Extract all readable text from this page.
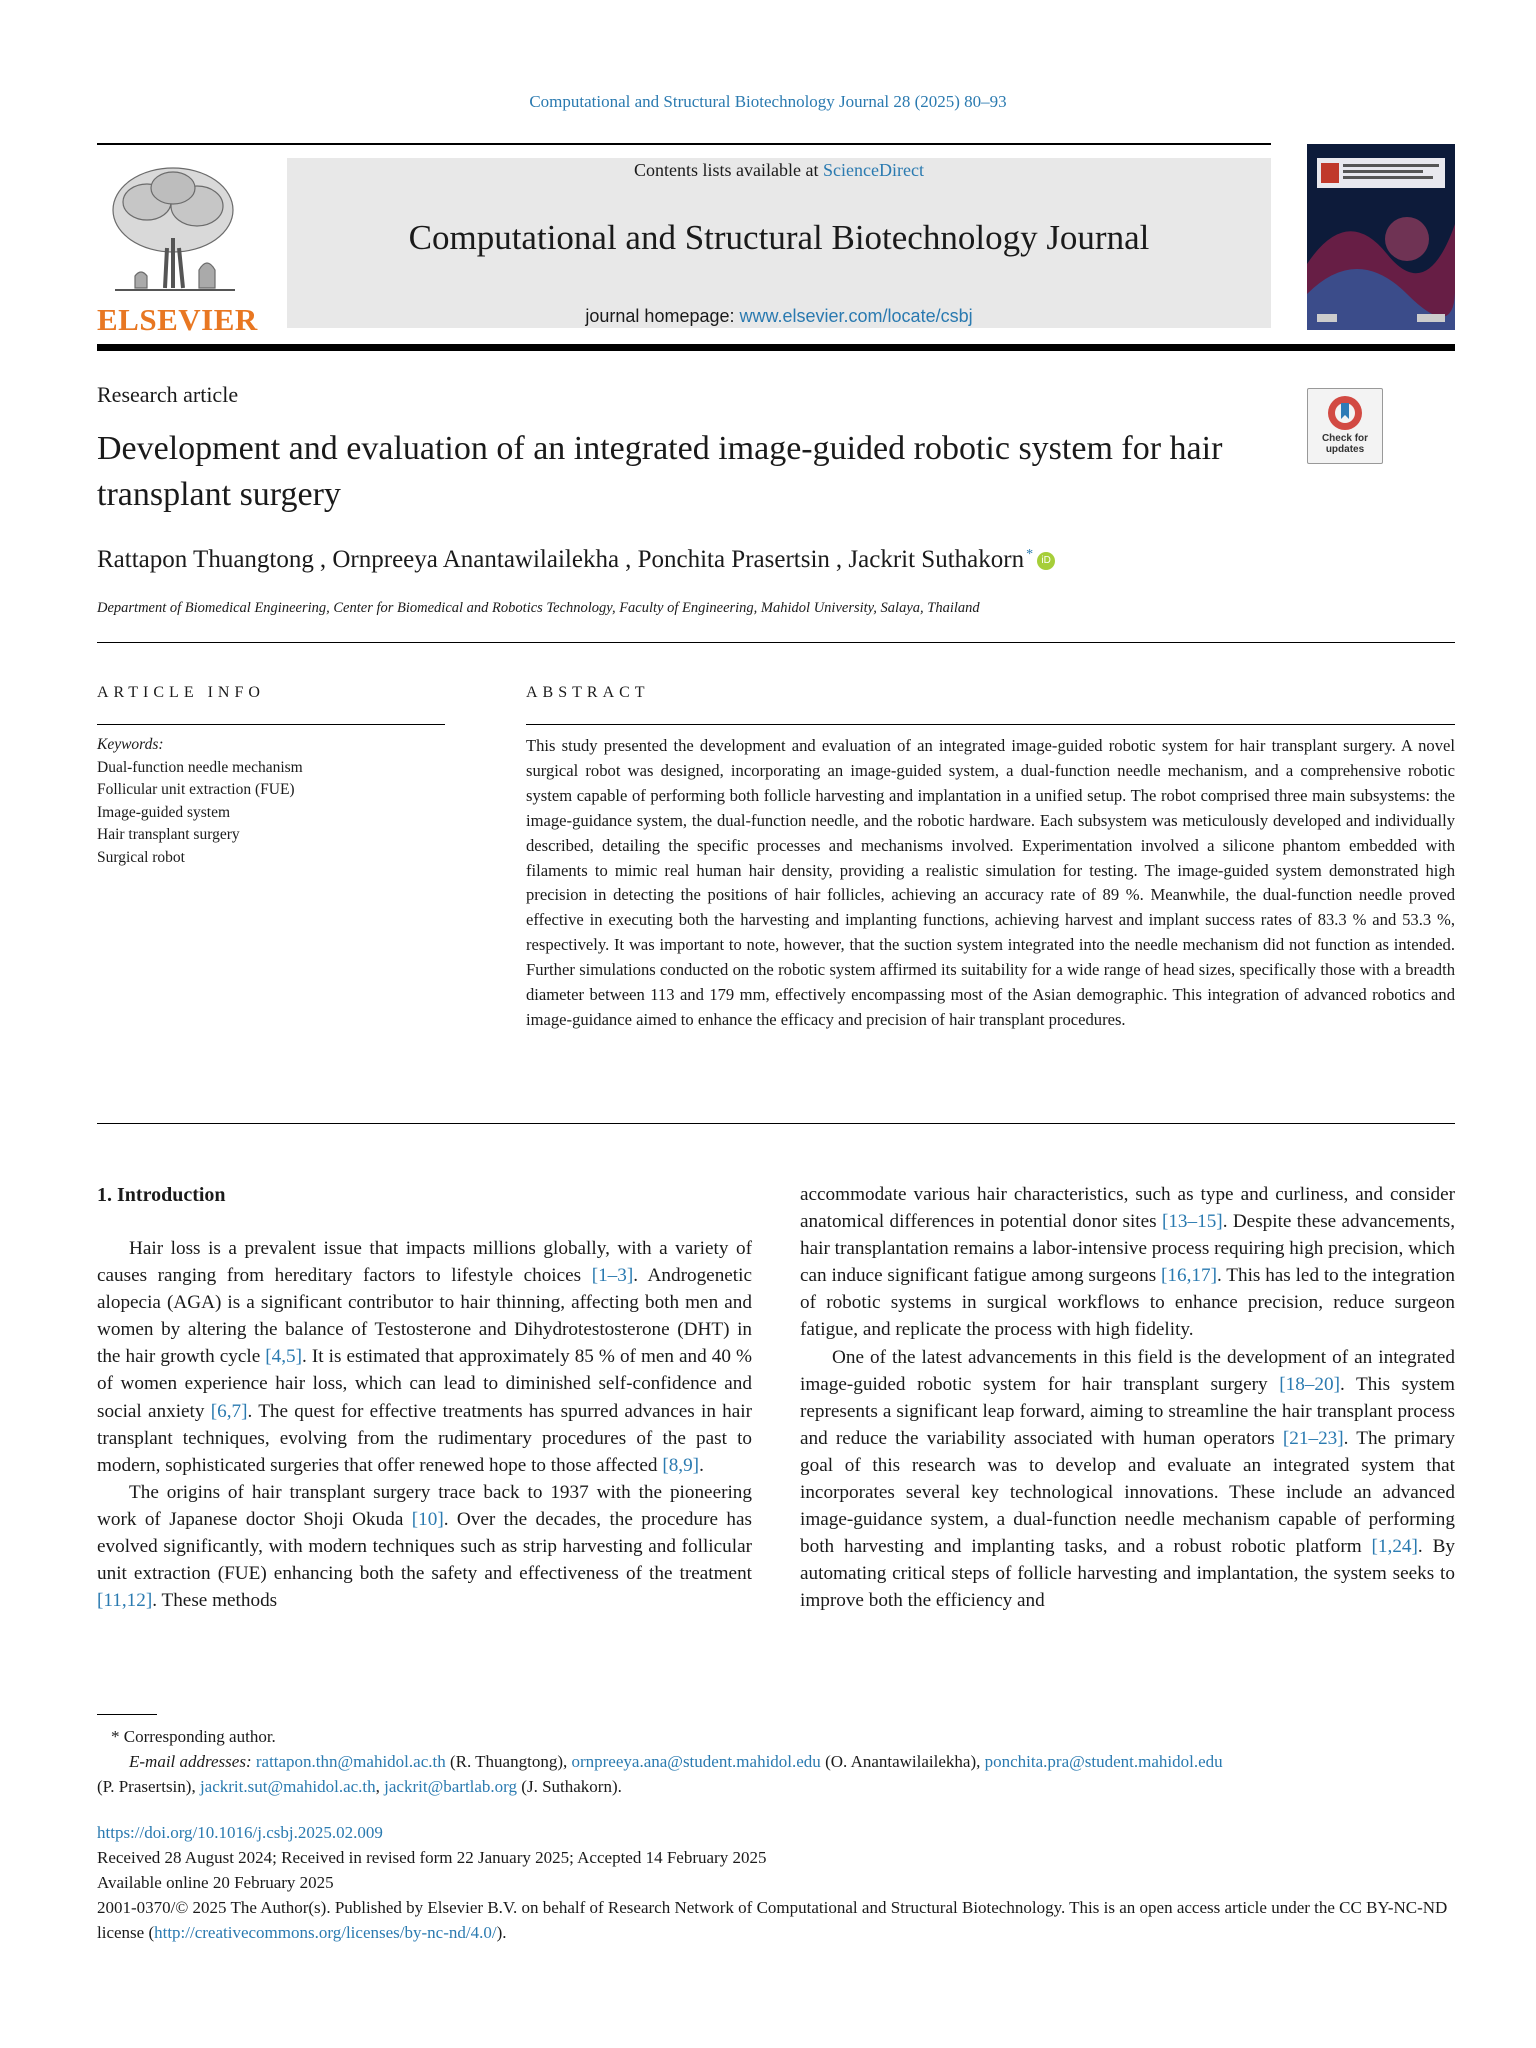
Computational and Structural Biotechnology Journal 28 (2025) 80–93
ELSEVIER
Contents lists available at ScienceDirect
Computational and Structural Biotechnology Journal
journal homepage: www.elsevier.com/locate/csbj
Research article
Check for updates
Development and evaluation of an integrated image-guided robotic system for hair transplant surgery
Rattapon Thuangtong , Ornpreeya Anantawilailekha , Ponchita Prasertsin , Jackrit Suthakorn * iD
Department of Biomedical Engineering, Center for Biomedical and Robotics Technology, Faculty of Engineering, Mahidol University, Salaya, Thailand
ARTICLE INFO
Keywords:
Dual-function needle mechanism
Follicular unit extraction (FUE)
Image-guided system
Hair transplant surgery
Surgical robot
ABSTRACT
This study presented the development and evaluation of an integrated image-guided robotic system for hair transplant surgery. A novel surgical robot was designed, incorporating an image-guided system, a dual-function needle mechanism, and a comprehensive robotic system capable of performing both follicle harvesting and implantation in a unified setup. The robot comprised three main subsystems: the image-guidance system, the dual-function needle, and the robotic hardware. Each subsystem was meticulously developed and individually described, detailing the specific processes and mechanisms involved. Experimentation involved a silicone phantom embedded with filaments to mimic real human hair density, providing a realistic simulation for testing. The image-guided system demonstrated high precision in detecting the positions of hair follicles, achieving an accuracy rate of 89 %. Meanwhile, the dual-function needle proved effective in executing both the harvesting and implanting functions, achieving harvest and implant success rates of 83.3 % and 53.3 %, respectively. It was important to note, however, that the suction system integrated into the needle mechanism did not function as intended. Further simulations conducted on the robotic system affirmed its suitability for a wide range of head sizes, specifically those with a breadth diameter between 113 and 179 mm, effectively encompassing most of the Asian demographic. This integration of advanced robotics and image-guidance aimed to enhance the efficacy and precision of hair transplant procedures.
1. Introduction

Hair loss is a prevalent issue that impacts millions globally, with a variety of causes ranging from hereditary factors to lifestyle choices [1–3]. Androgenetic alopecia (AGA) is a significant contributor to hair thinning, affecting both men and women by altering the balance of Testosterone and Dihydrotestosterone (DHT) in the hair growth cycle [4,5]. It is estimated that approximately 85 % of men and 40 % of women experience hair loss, which can lead to diminished self-confidence and social anxiety [6,7]. The quest for effective treatments has spurred advances in hair transplant techniques, evolving from the rudimentary procedures of the past to modern, sophisticated surgeries that offer renewed hope to those affected [8,9].

The origins of hair transplant surgery trace back to 1937 with the pioneering work of Japanese doctor Shoji Okuda [10]. Over the decades, the procedure has evolved significantly, with modern techniques such as strip harvesting and follicular unit extraction (FUE) enhancing both the safety and effectiveness of the treatment [11,12]. These methods

accommodate various hair characteristics, such as type and curliness, and consider anatomical differences in potential donor sites [13–15]. Despite these advancements, hair transplantation remains a labor-intensive process requiring high precision, which can induce significant fatigue among surgeons [16,17]. This has led to the integration of robotic systems in surgical workflows to enhance precision, reduce surgeon fatigue, and replicate the process with high fidelity.

One of the latest advancements in this field is the development of an integrated image-guided robotic system for hair transplant surgery [18–20]. This system represents a significant leap forward, aiming to streamline the hair transplant process and reduce the variability associated with human operators [21–23]. The primary goal of this research was to develop and evaluate an integrated system that incorporates several key technological innovations. These include an advanced image-guidance system, a dual-function needle mechanism capable of performing both harvesting and implanting tasks, and a robust robotic platform [1,24]. By automating critical steps of follicle harvesting and implantation, the system seeks to improve both the efficiency and

* Corresponding author.
E-mail addresses: rattapon.thn@mahidol.ac.th (R. Thuangtong), ornpreeya.ana@student.mahidol.edu (O. Anantawilailekha), ponchita.pra@student.mahidol.edu
(P. Prasertsin), jackrit.sut@mahidol.ac.th, jackrit@bartlab.org (J. Suthakorn).
https://doi.org/10.1016/j.csbj.2025.02.009
Received 28 August 2024; Received in revised form 22 January 2025; Accepted 14 February 2025
Available online 20 February 2025
2001-0370/© 2025 The Author(s). Published by Elsevier B.V. on behalf of Research Network of Computational and Structural Biotechnology. This is an open access article under the CC BY-NC-ND license (http://creativecommons.org/licenses/by-nc-nd/4.0/).
